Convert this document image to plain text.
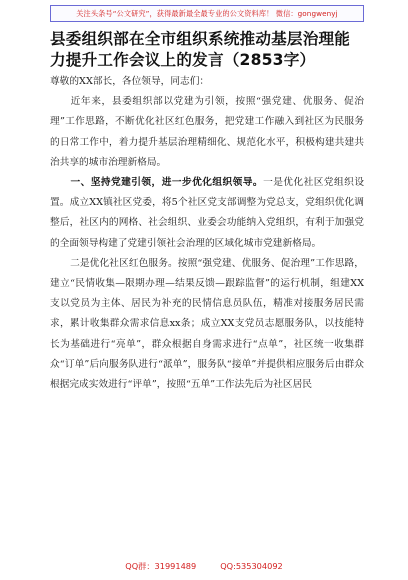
关注头条号“公文研究”，获得最新最全最专业的公文资料库！ 微信：gongwenyj
县委组织部在全市组织系统推动基层治理能力提升工作会议上的发言（2853字）

尊敬的XX部长，各位领导，同志们：

近年来，县委组织部以党建为引领，按照“强党建、优服务、促治理”工作思路，不断优化社区红色服务，把党建工作融入到社区为民服务的日常工作中，着力提升基层治理精细化、规范化水平，积极构建共建共治共享的城市治理新格局。

一、坚持党建引领，进一步优化组织领导。一是优化社区党组织设置。成立XX镇社区党委，将5个社区党支部调整为党总支，党组织优化调整后，社区内的网格、社会组织、业委会功能纳入党组织，有利于加强党的全面领导构建了党建引领社会治理的区域化城市党建新格局。

二是优化社区红色服务。按照“强党建、优服务、促治理”工作思路，建立“民情收集—限期办理—结果反馈—跟踪监督”的运行机制，组建XX支以党员为主体、居民为补充的民情信息员队伍，精准对接服务居民需求，累计收集群众需求信息xx条；成立XX支党员志愿服务队，以技能特长为基础进行“亮单”，群众根据自身需求进行“点单”，社区统一收集群众“订单”后向服务队进行“派单”，服务队“接单”并提供相应服务后由群众根据完成实效进行“评单”，按照“五单”工作法先后为社区居民

QQ群：31991489	QQ:535304092
